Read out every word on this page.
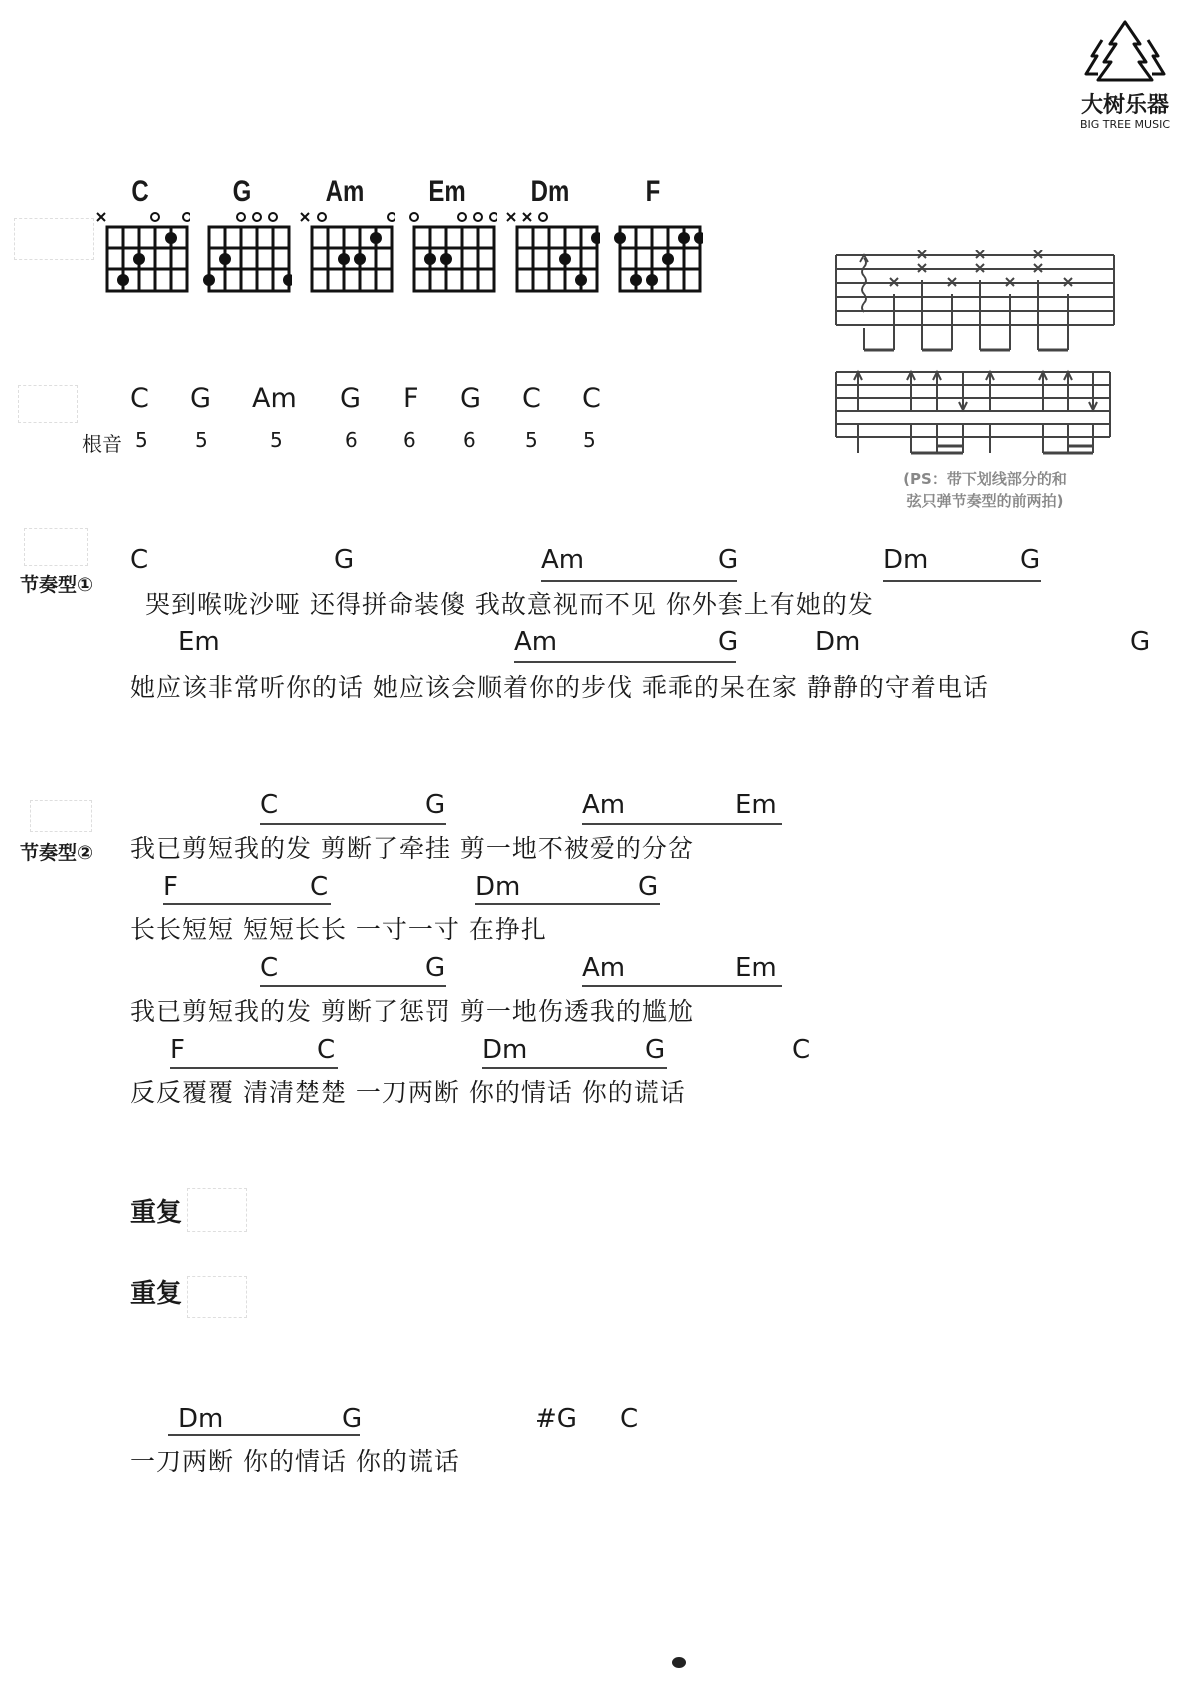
大树乐器
BIG TREE MUSIC
C	G	Am	Em	Dm	F
(PS：带下划线部分的和
弦只弹节奏型的前两拍)
C G Am G F G C C
根音 5 5	5	6 6 6 5 5
节奏型①
C	G	Am	G	Dm	G
哭到喉咙沙哑 还得拼命装傻 我故意视而不见 你外套上有她的发
Em	Am	G	Dm	G
她应该非常听你的话 她应该会顺着你的步伐 乖乖的呆在家 静静的守着电话
节奏型②
C	G	Am	Em
我已剪短我的发 剪断了牵挂 剪一地不被爱的分岔
F	C	Dm	G
长长短短 短短长长 一寸一寸 在挣扎
C	G	Am	Em
我已剪短我的发 剪断了惩罚 剪一地伤透我的尴尬
F	C	Dm	G	C
反反覆覆 清清楚楚 一刀两断 你的情话 你的谎话
重复
重复
Dm	G	#G C
一刀两断 你的情话 你的谎话
